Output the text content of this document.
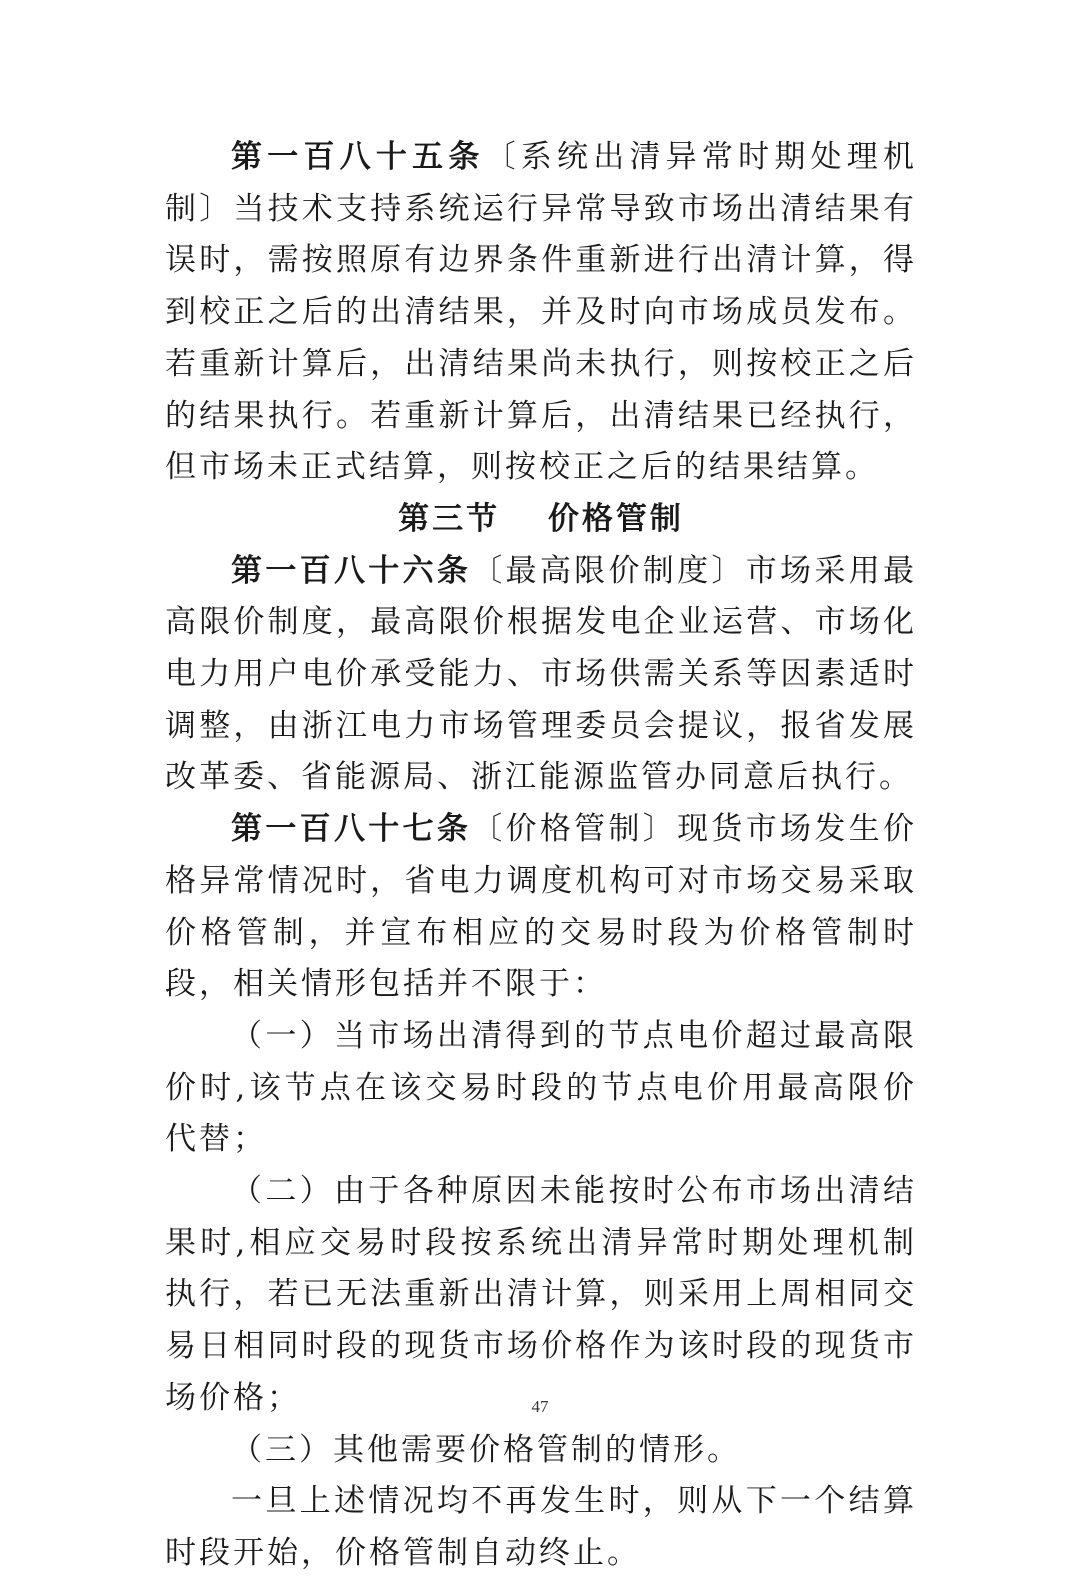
第一百八十五条〔系统出清异常时期处理机制〕当技术支持系统运行异常导致市场出清结果有误时，需按照原有边界条件重新进行出清计算，得到校正之后的出清结果，并及时向市场成员发布。若重新计算后，出清结果尚未执行，则按校正之后的结果执行。若重新计算后，出清结果已经执行，但市场未正式结算，则按校正之后的结果结算。

第三节　 价格管制

第一百八十六条〔最高限价制度〕市场采用最高限价制度，最高限价根据发电企业运营、市场化电力用户电价承受能力、市场供需关系等因素适时调整，由浙江电力市场管理委员会提议，报省发展改革委、省能源局、浙江能源监管办同意后执行。

第一百八十七条〔价格管制〕现货市场发生价格异常情况时，省电力调度机构可对市场交易采取价格管制，并宣布相应的交易时段为价格管制时段，相关情形包括并不限于：

（一）当市场出清得到的节点电价超过最高限价时,该节点在该交易时段的节点电价用最高限价代替；

（二）由于各种原因未能按时公布市场出清结果时,相应交易时段按系统出清异常时期处理机制执行，若已无法重新出清计算，则采用上周相同交易日相同时段的现货市场价格作为该时段的现货市场价格；

（三）其他需要价格管制的情形。

一旦上述情况均不再发生时，则从下一个结算时段开始，价格管制自动终止。

47
